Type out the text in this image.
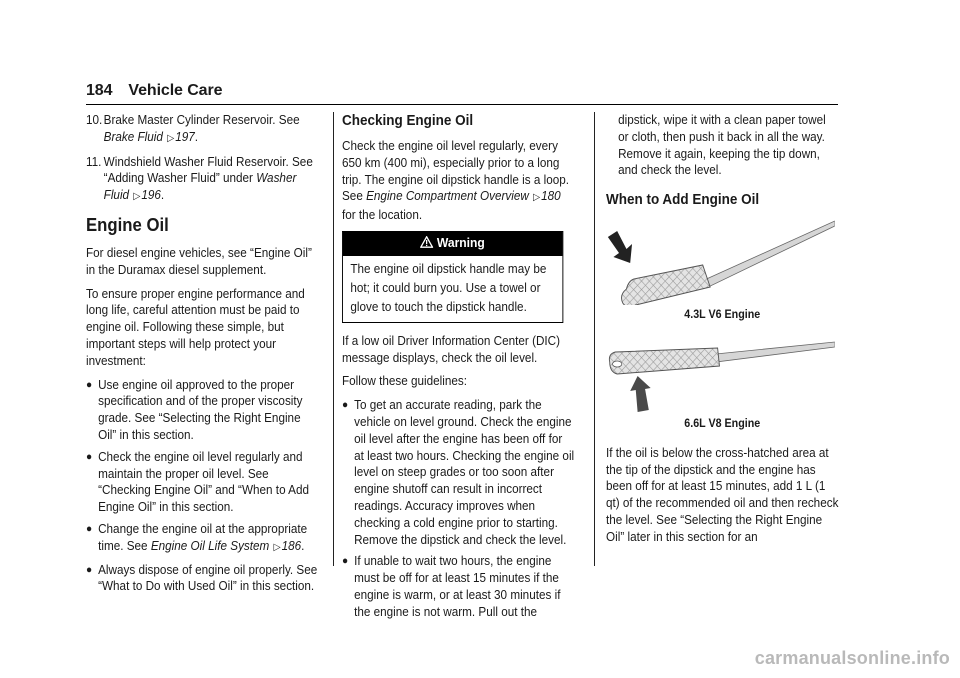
184 Vehicle Care
10. Brake Master Cylinder Reservoir. See
Brake Fluid ▷197.
11. Windshield Washer Fluid Reservoir. See “Adding Washer Fluid” under Washer Fluid ▷196.
Engine Oil

For diesel engine vehicles, see “Engine Oil” in the Duramax diesel supplement.

To ensure proper engine performance and long life, careful attention must be paid to engine oil. Following these simple, but important steps will help protect your investment:

● Use engine oil approved to the proper specification and of the proper viscosity grade. See “Selecting the Right Engine Oil” in this section.
● Check the engine oil level regularly and maintain the proper oil level. See “Checking Engine Oil” and “When to Add Engine Oil” in this section.
● Change the engine oil at the appropriate time. See Engine Oil Life System ▷186.
● Always dispose of engine oil properly. See “What to Do with Used Oil” in this section.
Checking Engine Oil

Check the engine oil level regularly, every 650 km (400 mi), especially prior to a long trip. The engine oil dipstick handle is a loop. See Engine Compartment Overview ▷180 for the location.

Warning
The engine oil dipstick handle may be hot; it could burn you. Use a towel or glove to touch the dipstick handle.

If a low oil Driver Information Center (DIC) message displays, check the oil level.

Follow these guidelines:

● To get an accurate reading, park the vehicle on level ground. Check the engine oil level after the engine has been off for at least two hours. Checking the engine oil level on steep grades or too soon after engine shutoff can result in incorrect readings. Accuracy improves when checking a cold engine prior to starting. Remove the dipstick and check the level.
● If unable to wait two hours, the engine must be off for at least 15 minutes if the engine is warm, or at least 30 minutes if the engine is not warm. Pull out the

dipstick, wipe it with a clean paper towel or cloth, then push it back in all the way. Remove it again, keeping the tip down, and check the level.

When to Add Engine Oil
4.3L V6 Engine
6.6L V8 Engine

If the oil is below the cross-hatched area at the tip of the dipstick and the engine has been off for at least 15 minutes, add 1 L (1 qt) of the recommended oil and then recheck the level. See “Selecting the Right Engine Oil” later in this section for an

carmanualsonline.info
